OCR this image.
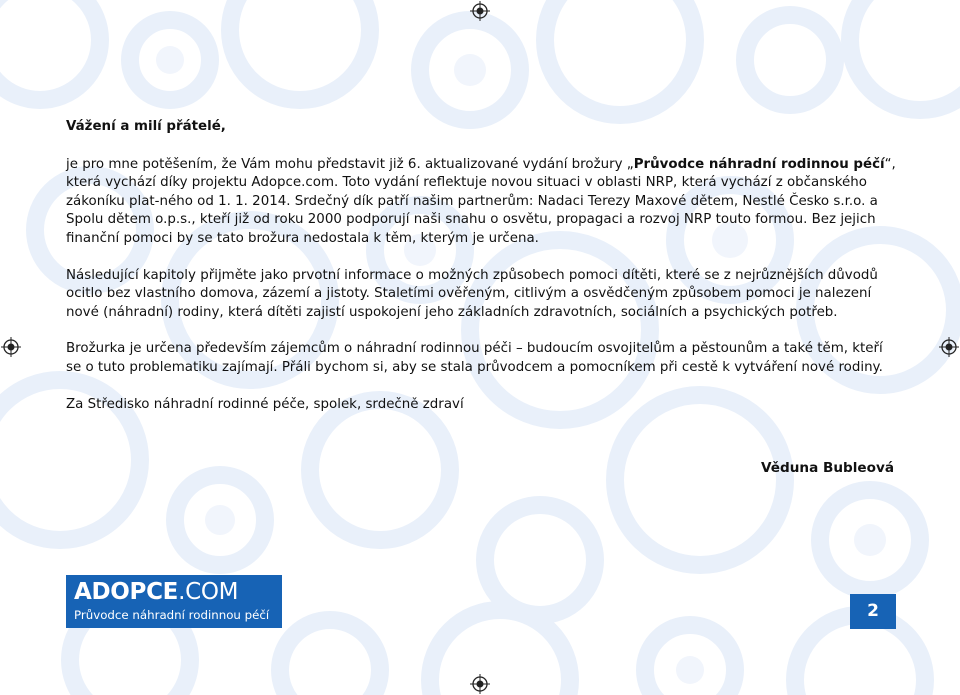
Vážení a milí přátelé,

je pro mne potěšením, že Vám mohu představit již 6. aktualizované vydání brožury „Průvodce náhradní rodinnou péčí“, která vychází díky projektu Adopce.com. Toto vydání reflektuje novou situaci v oblasti NRP, která vychází z občanského zákoníku plat-ného od 1. 1. 2014. Srdečný dík patří našim partnerům: Nadaci Terezy Maxové dětem, Nestlé Česko s.r.o. a Spolu dětem o.p.s., kteří již od roku 2000 podporují naši snahu o osvětu, propagaci a rozvoj NRP touto formou. Bez jejich finanční pomoci by se tato brožura nedostala k těm, kterým je určena.

Následující kapitoly přijměte jako prvotní informace o možných způsobech pomoci dítěti, které se z nejrůznějších důvodů ocitlo bez vlastního domova, zázemí a jistoty. Staletími ověřeným, citlivým a osvědčeným způsobem pomoci je nalezení nové (náhradní) rodiny, která dítěti zajistí uspokojení jeho základních zdravotních, sociálních a psychických potřeb.

Brožurka je určena především zájemcům o náhradní rodinnou péči – budoucím osvojitelům a pěstounům a také těm, kteří se o tuto problematiku zajímají. Přáli bychom si, aby se stala průvodcem a pomocníkem při cestě k vytváření nové rodiny.

Za Středisko náhradní rodinné péče, spolek, srdečně zdraví

Věduna Bubleová
ADOPCE.COM
Průvodce náhradní rodinnou péčí	2
